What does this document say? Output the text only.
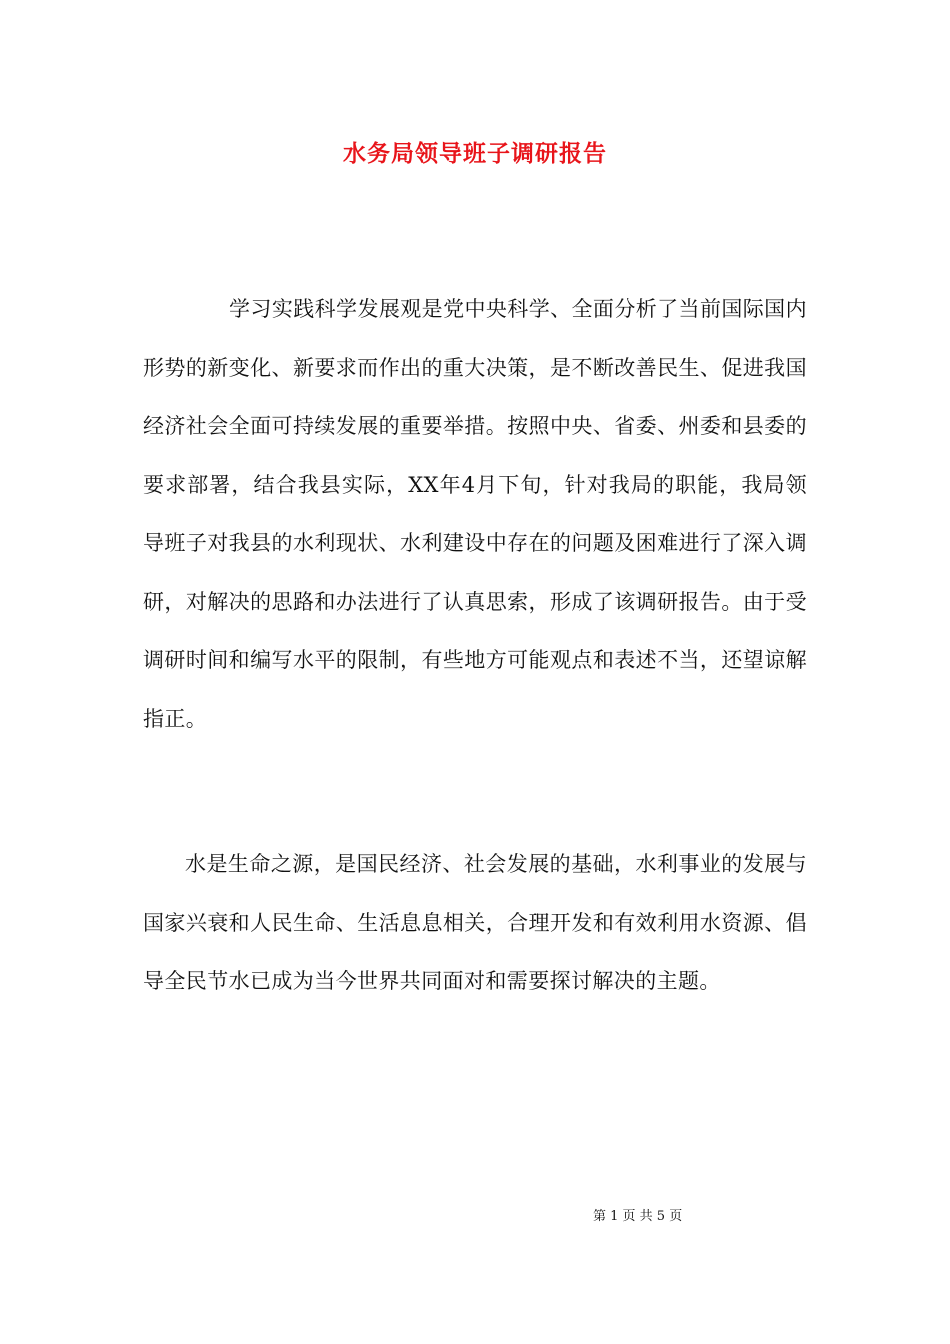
水务局领导班子调研报告

学习实践科学发展观是党中央科学、全面分析了当前国际国内形势的新变化、新要求而作出的重大决策，是不断改善民生、促进我国经济社会全面可持续发展的重要举措。按照中央、省委、州委和县委的要求部署，结合我县实际，XX年4月下旬，针对我局的职能，我局领导班子对我县的水利现状、水利建设中存在的问题及困难进行了深入调研，对解决的思路和办法进行了认真思索，形成了该调研报告。由于受调研时间和编写水平的限制，有些地方可能观点和表述不当，还望谅解指正。

水是生命之源，是国民经济、社会发展的基础，水利事业的发展与国家兴衰和人民生命、生活息息相关，合理开发和有效利用水资源、倡导全民节水已成为当今世界共同面对和需要探讨解决的主题。

第 1 页 共 5 页
